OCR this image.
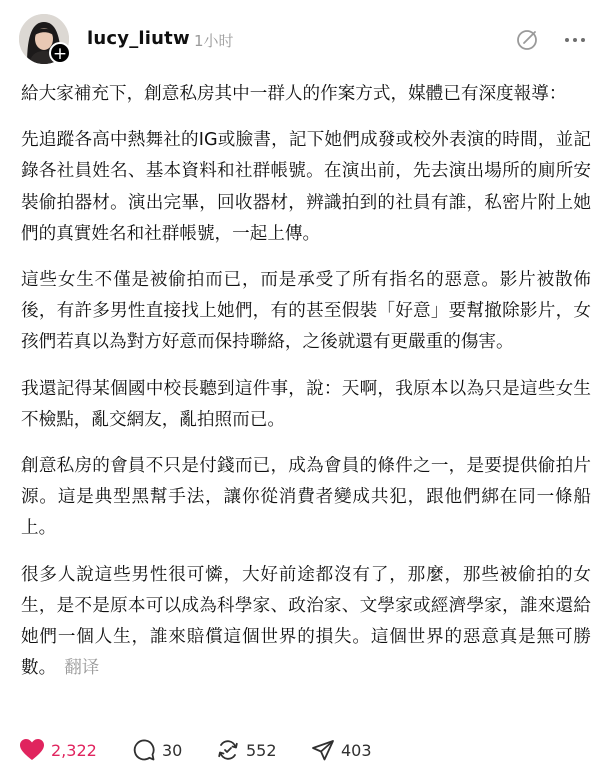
+
lucy_liutw 1小时

給大家補充下，創意私房其中一群人的作案方式，媒體已有深度報導：

先追蹤各高中熱舞社的IG或臉書，記下她們成發或校外表演的時間，並記錄各社員姓名、基本資料和社群帳號。在演出前，先去演出場所的廁所安裝偷拍器材。演出完畢，回收器材，辨識拍到的社員有誰，私密片附上她們的真實姓名和社群帳號，一起上傳。

這些女生不僅是被偷拍而已，而是承受了所有指名的惡意。影片被散佈後，有許多男性直接找上她們，有的甚至假裝「好意」要幫撤除影片，女孩們若真以為對方好意而保持聯絡，之後就還有更嚴重的傷害。

我還記得某個國中校長聽到這件事，說：天啊，我原本以為只是這些女生不檢點，亂交網友，亂拍照而已。

創意私房的會員不只是付錢而已，成為會員的條件之一，是要提供偷拍片源。這是典型黑幫手法，讓你從消費者變成共犯，跟他們綁在同一條船上。

很多人說這些男性很可憐，大好前途都沒有了，那麼，那些被偷拍的女生，是不是原本可以成為科學家、政治家、文學家或經濟學家，誰來還給她們一個人生，誰來賠償這個世界的損失。這個世界的惡意真是無可勝數。 翻译

2,322	30	552	403
